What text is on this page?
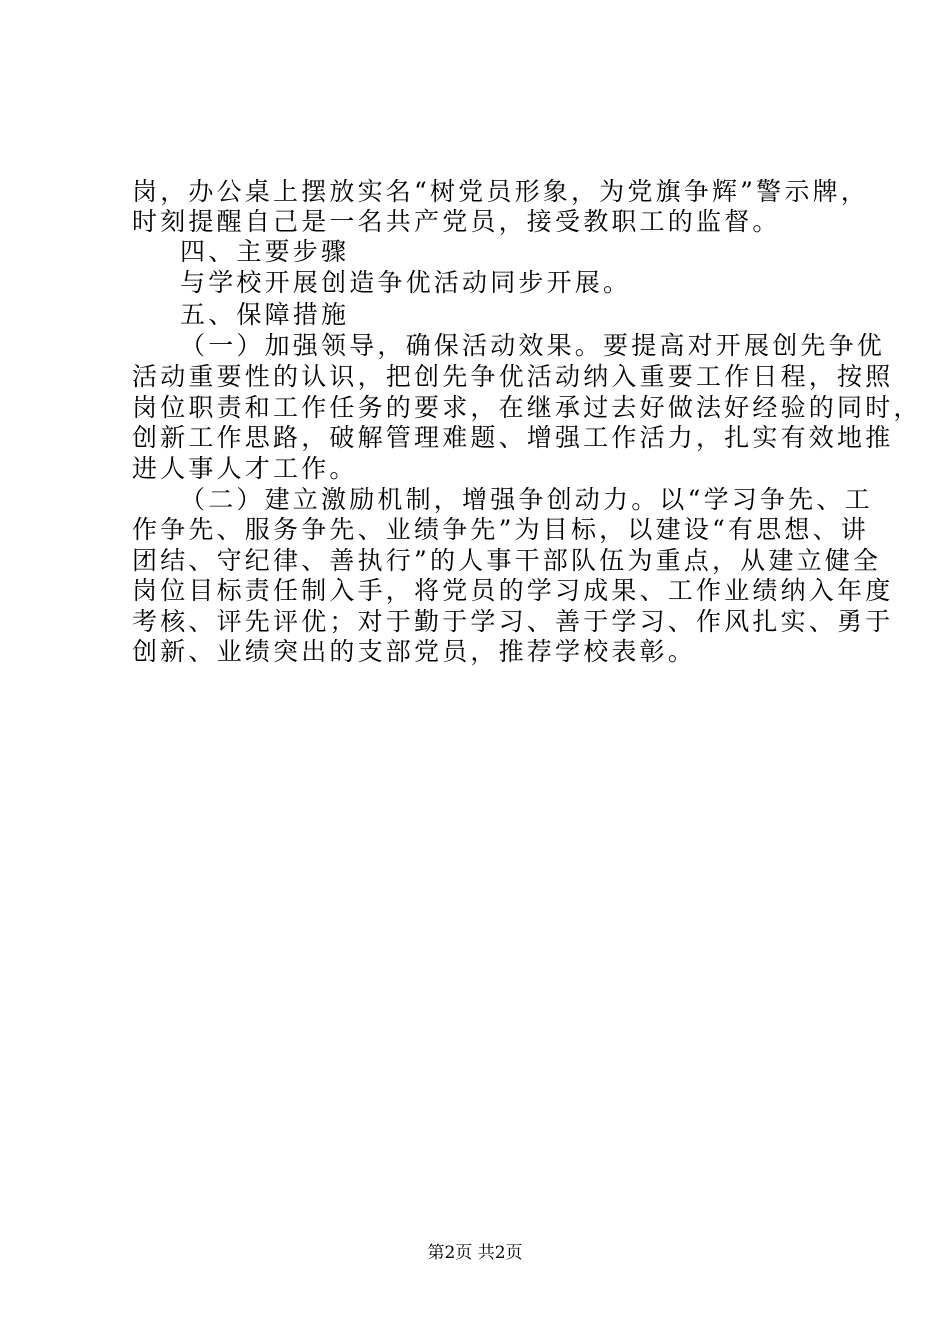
岗，办公桌上摆放实名“树党员形象，为党旗争辉”警示牌，
时刻提醒自己是一名共产党员，接受教职工的监督。
四、主要步骤
与学校开展创造争优活动同步开展。
五、保障措施
（一）加强领导，确保活动效果。要提高对开展创先争优
活动重要性的认识，把创先争优活动纳入重要工作日程，按照
岗位职责和工作任务的要求，在继承过去好做法好经验的同时，
创新工作思路，破解管理难题、增强工作活力，扎实有效地推
进人事人才工作。
（二）建立激励机制，增强争创动力。以“学习争先、工
作争先、服务争先、业绩争先”为目标，以建设“有思想、讲
团结、守纪律、善执行”的人事干部队伍为重点，从建立健全
岗位目标责任制入手，将党员的学习成果、工作业绩纳入年度
考核、评先评优；对于勤于学习、善于学习、作风扎实、勇于
创新、业绩突出的支部党员，推荐学校表彰。
第2页 共2页
